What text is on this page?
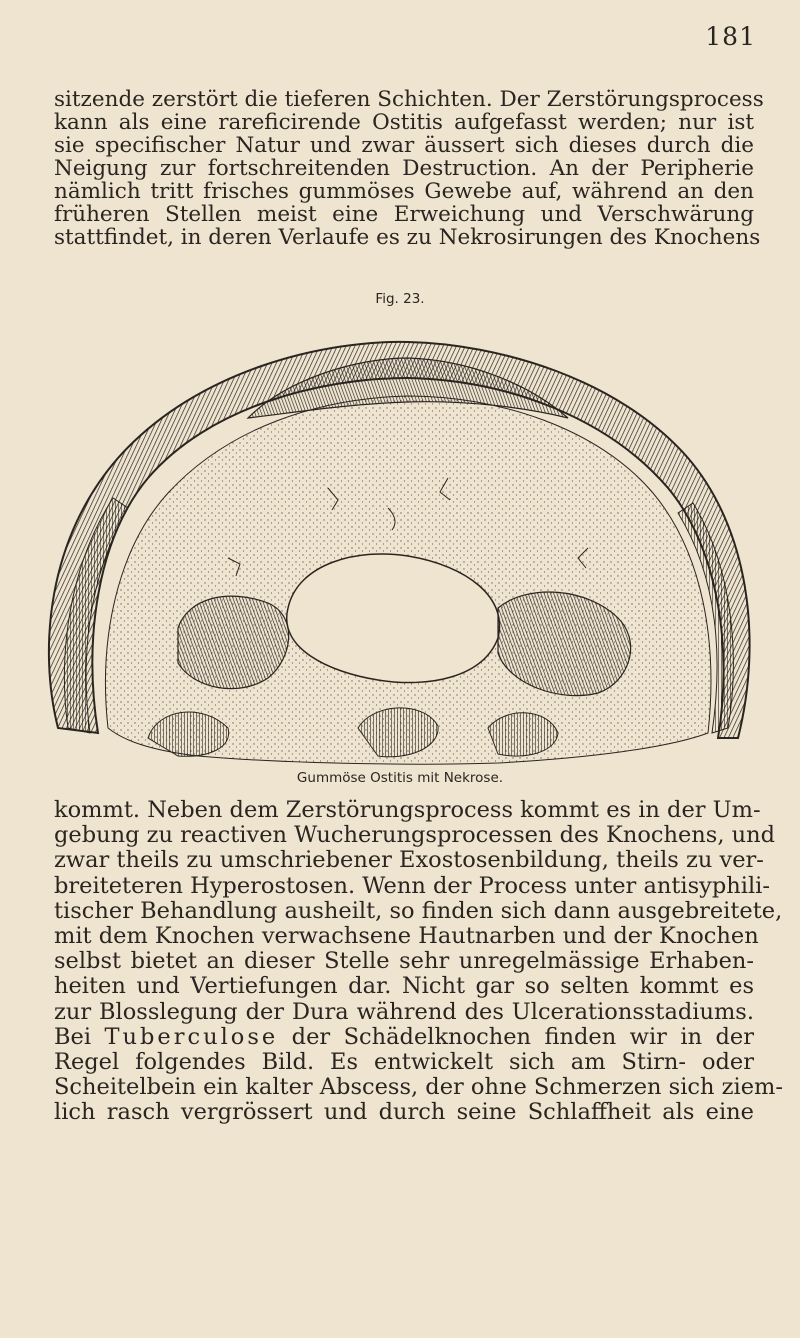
181
sitzende zerstört die tieferen Schichten. Der Zerstörungsprocess
kann als eine rareficirende Ostitis aufgefasst werden; nur ist
sie specifischer Natur und zwar äussert sich dieses durch die
Neigung zur fortschreitenden Destruction. An der Peripherie
nämlich tritt frisches gummöses Gewebe auf, während an den
früheren Stellen meist eine Erweichung und Verschwärung
stattfindet, in deren Verlaufe es zu Nekrosirungen des Knochens
Fig. 23.
Gummöse Ostitis mit Nekrose.
kommt. Neben dem Zerstörungsprocess kommt es in der Um-
gebung zu reactiven Wucherungsprocessen des Knochens, und
zwar theils zu umschriebener Exostosenbildung, theils zu ver-
breiteteren Hyperostosen. Wenn der Process unter antisyphili-
tischer Behandlung ausheilt, so finden sich dann ausgebreitete,
mit dem Knochen verwachsene Hautnarben und der Knochen
selbst bietet an dieser Stelle sehr unregelmässige Erhaben-
heiten und Vertiefungen dar. Nicht gar so selten kommt es
zur Blosslegung der Dura während des Ulcerationsstadiums.
Bei Tuberculose der Schädelknochen finden wir in der
Regel folgendes Bild. Es entwickelt sich am Stirn- oder
Scheitelbein ein kalter Abscess, der ohne Schmerzen sich ziem-
lich rasch vergrössert und durch seine Schlaffheit als eine
